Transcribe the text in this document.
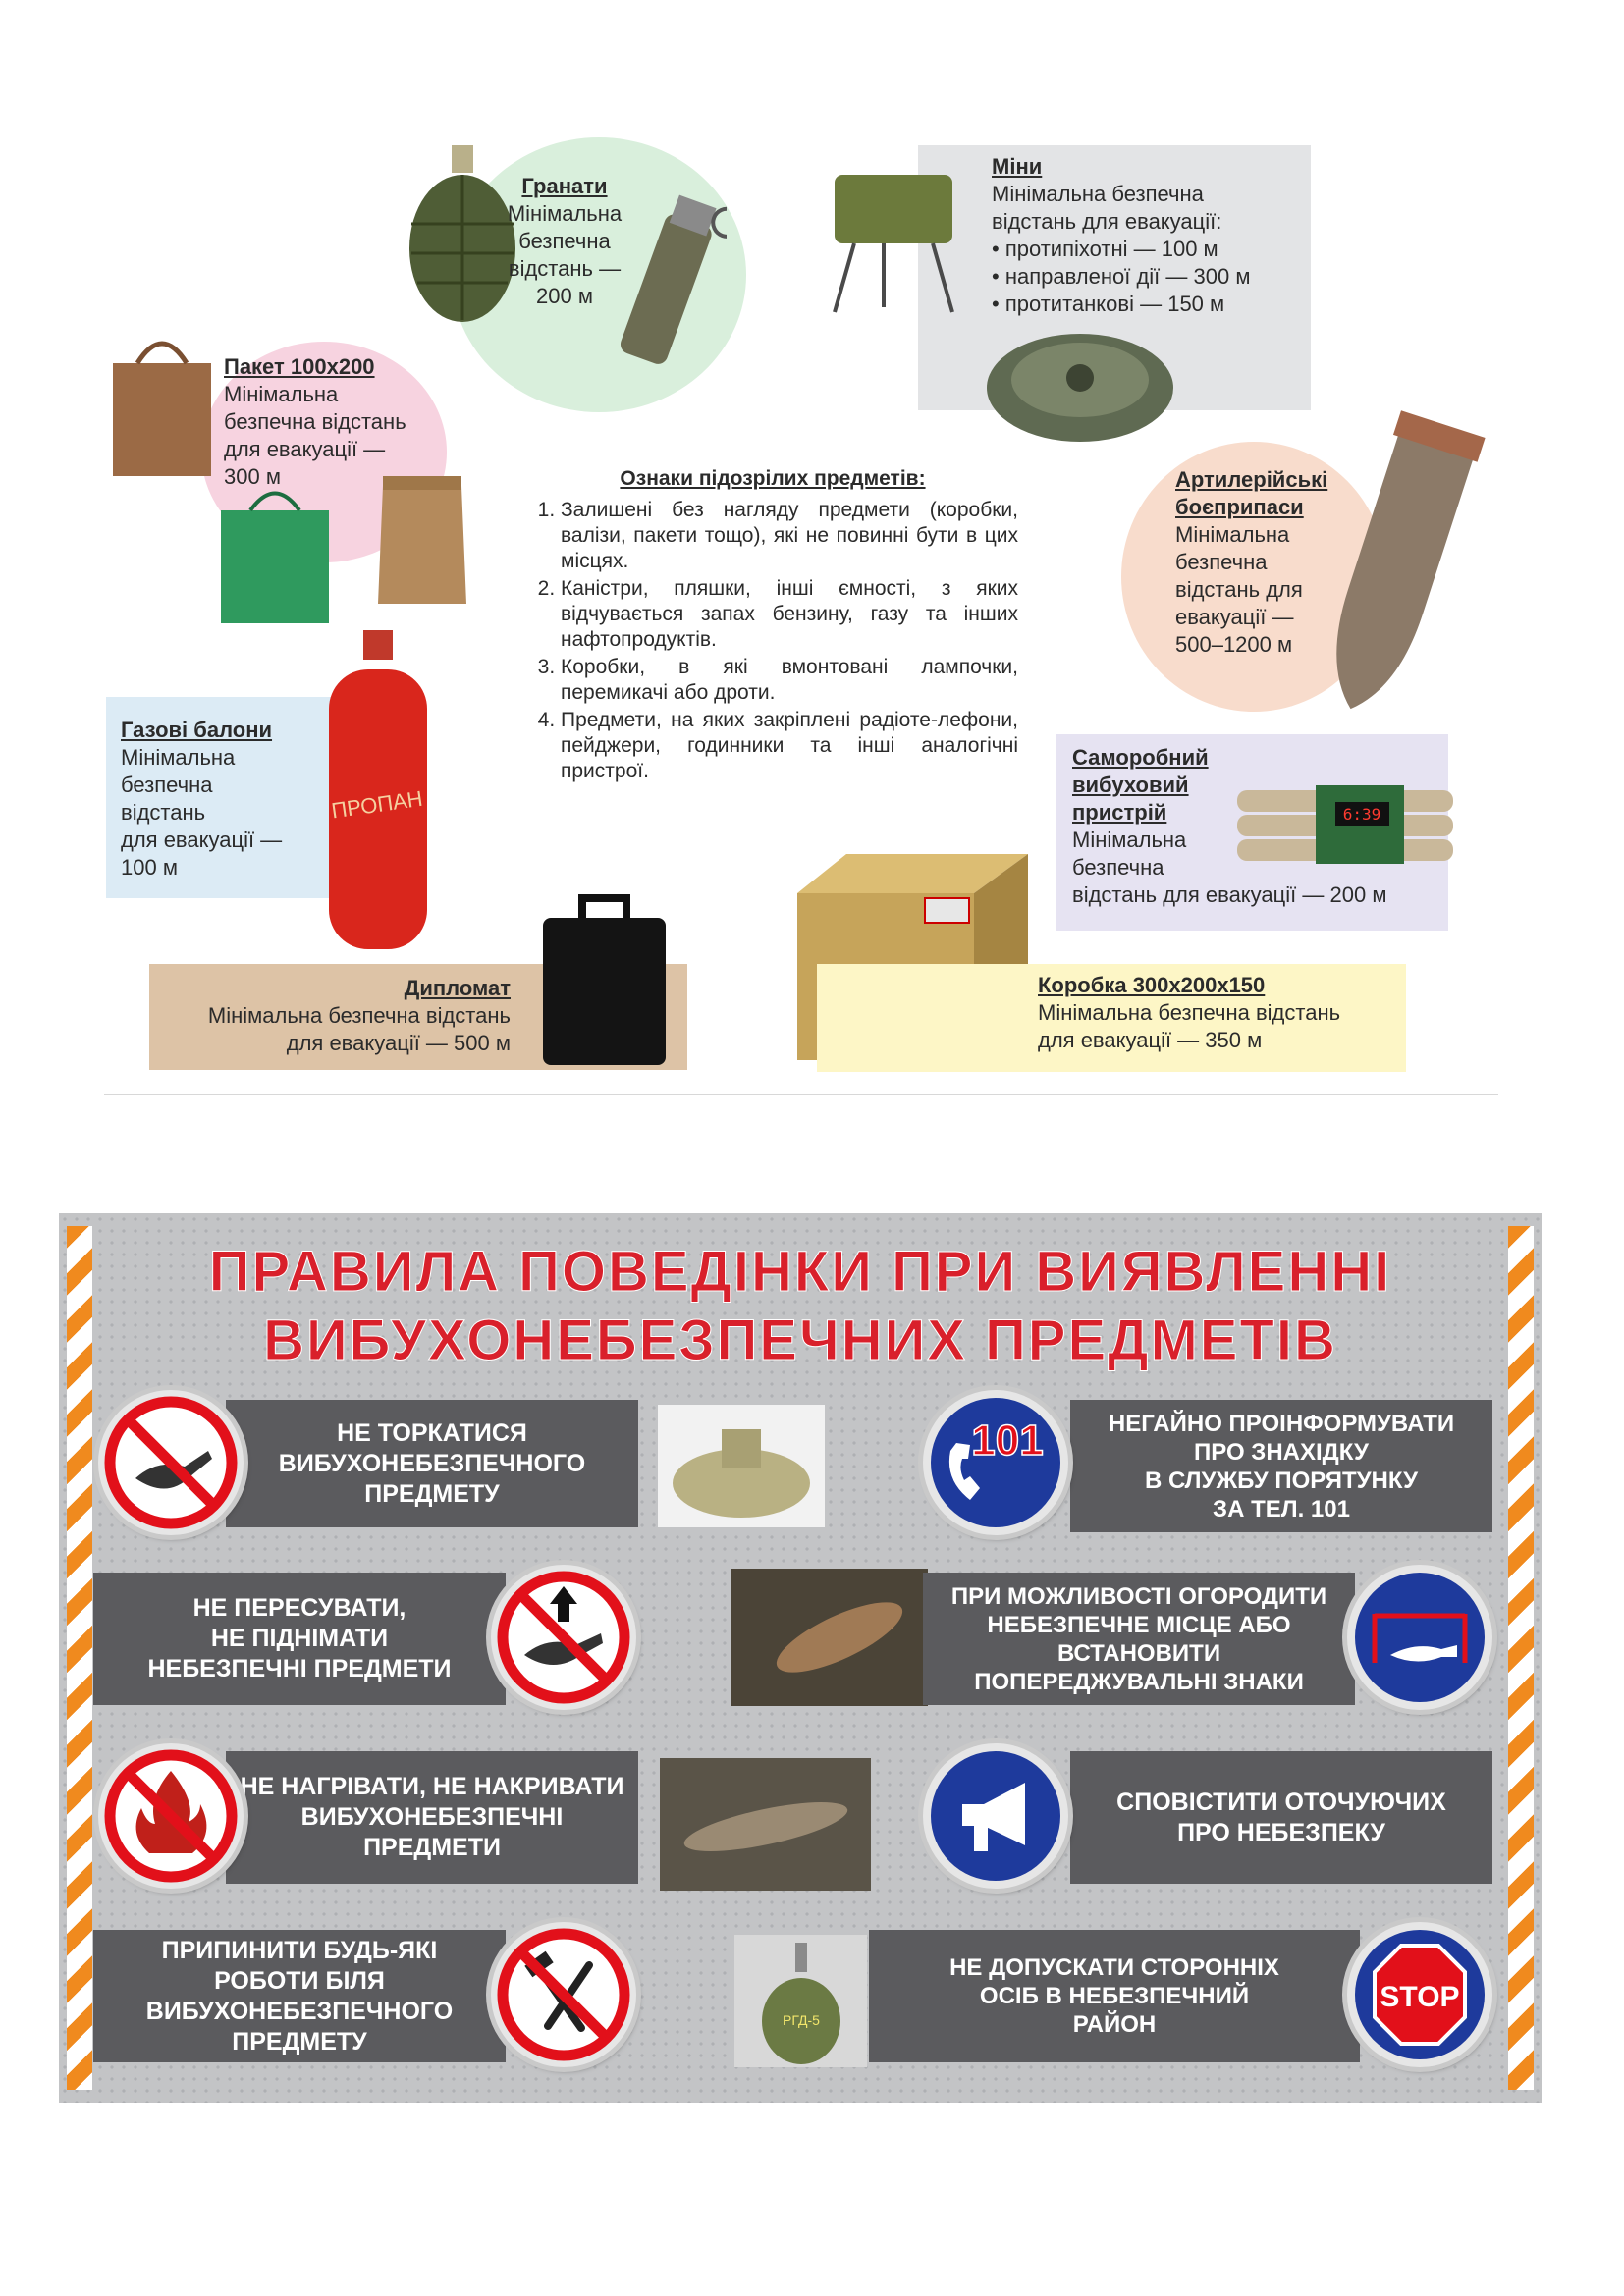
Гранати
Мінімальна
безпечна
відстань —
200 м
Міни
Мінімальна безпечна
відстань для евакуації:
• протипіхотні — 100 м
• направленої дії — 300 м
• протитанкові — 150 м
Пакет 100х200
Мінімальна
безпечна відстань
для евакуації —
300 м	Ознаки підозрілих предметів:
1. Залишені без нагляду предмети (коробки, валізи, пакети тощо), які не повинні бути в цих місцях.
2. Каністри, пляшки, інші ємності, з яких відчувається запах бензину, газу та інших нафтопродуктів.
3. Коробки, в які вмонтовані лампочки, перемикачі або дроти.
4. Предмети, на яких закріплені радіоте-лефони, пейджери, годинники та інші аналогічні пристрої.
Артилерійські
боєприпаси
Мінімальна
безпечна
відстань для
евакуації —
500–1200 м
ПРОПАН
Газові балони
Мінімальна
безпечна
відстань
для евакуації —
100 м
6:39
Саморобний
вибуховий
пристрій
Мінімальна
безпечна
відстань для евакуації — 200 м
Коробка 300х200х150
Мінімальна безпечна відстань
для евакуації — 350 м
Дипломат
Мінімальна безпечна відстань
для евакуації — 500 м
ПРАВИЛА ПОВЕДІНКИ ПРИ ВИЯВЛЕННІ
ВИБУХОНЕБЕЗПЕЧНИХ ПРЕДМЕТІВ
НЕ ТОРКАТИСЯ
ВИБУХОНЕБЕЗПЕЧНОГО
ПРЕДМЕТУ
НЕГАЙНО ПРОІНФОРМУВАТИ
ПРО ЗНАХІДКУ
В СЛУЖБУ ПОРЯТУНКУ
ЗА ТЕЛ. 101
101
НЕ ПЕРЕСУВАТИ,
НЕ ПІДНІМАТИ
НЕБЕЗПЕЧНІ ПРЕДМЕТИ
ПРИ МОЖЛИВОСТІ ОГОРОДИТИ
НЕБЕЗПЕЧНЕ МІСЦЕ АБО
ВСТАНОВИТИ
ПОПЕРЕДЖУВАЛЬНІ ЗНАКИ
НЕ НАГРІВАТИ, НЕ НАКРИВАТИ
ВИБУХОНЕБЕЗПЕЧНІ
ПРЕДМЕТИ
СПОВІСТИТИ ОТОЧУЮЧИХ
ПРО НЕБЕЗПЕКУ
ПРИПИНИТИ БУДЬ-ЯКІ
РОБОТИ БІЛЯ
ВИБУХОНЕБЕЗПЕЧНОГО
ПРЕДМЕТУ
РГД-5
НЕ ДОПУСКАТИ СТОРОННІХ
ОСІБ В НЕБЕЗПЕЧНИЙ
РАЙОН
STOP
